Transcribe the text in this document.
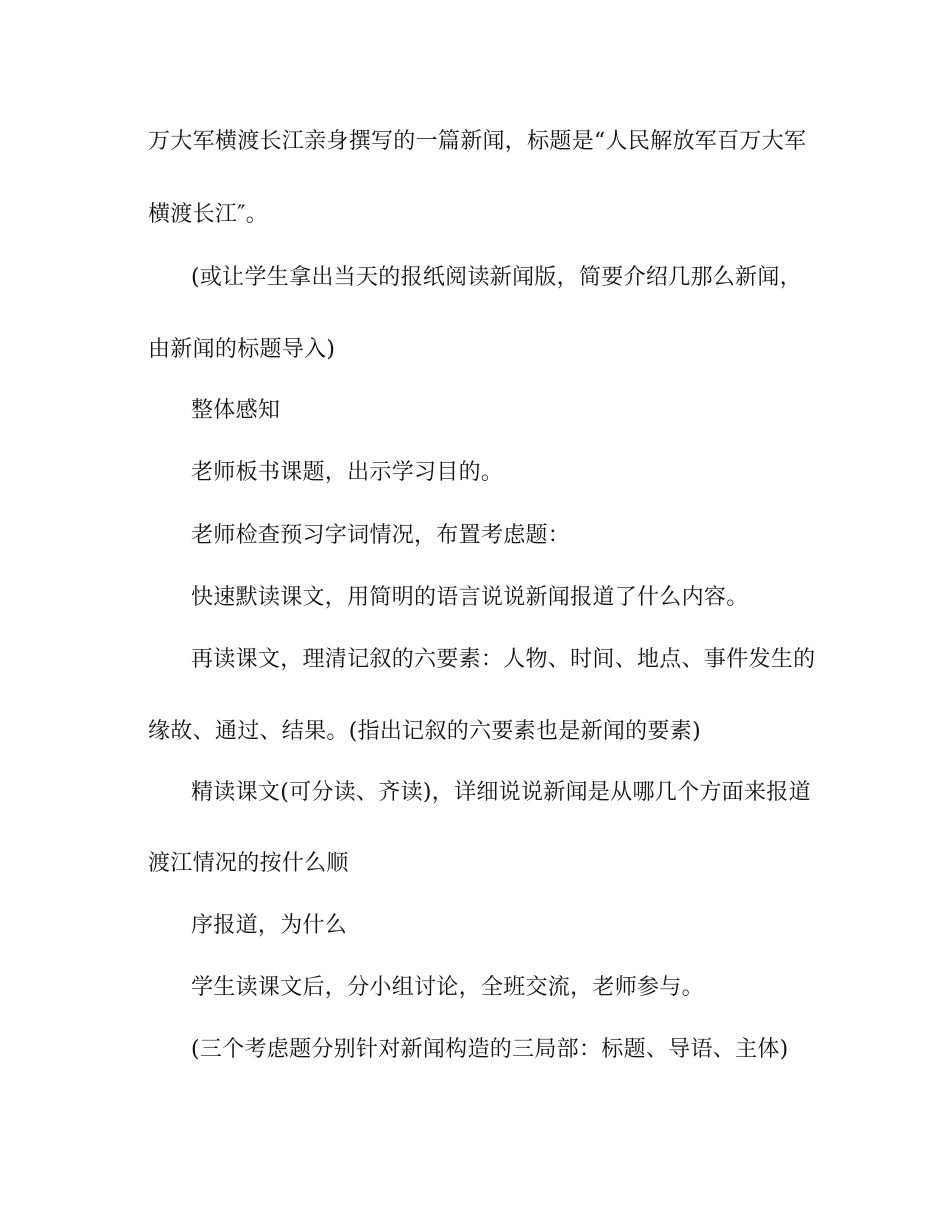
万大军横渡长江亲身撰写的一篇新闻，标题是“人民解放军百万大军
横渡长江″。
(或让学生拿出当天的报纸阅读新闻版，简要介绍几那么新闻，
由新闻的标题导入)
整体感知
老师板书课题，出示学习目的。
老师检查预习字词情况，布置考虑题：
快速默读课文，用简明的语言说说新闻报道了什么内容。
再读课文，理清记叙的六要素：人物、时间、地点、事件发生的
缘故、通过、结果。(指出记叙的六要素也是新闻的要素)
精读课文(可分读、齐读)，详细说说新闻是从哪几个方面来报道
渡江情况的按什么顺
序报道，为什么
学生读课文后，分小组讨论，全班交流，老师参与。
(三个考虑题分别针对新闻构造的三局部：标题、导语、主体)
